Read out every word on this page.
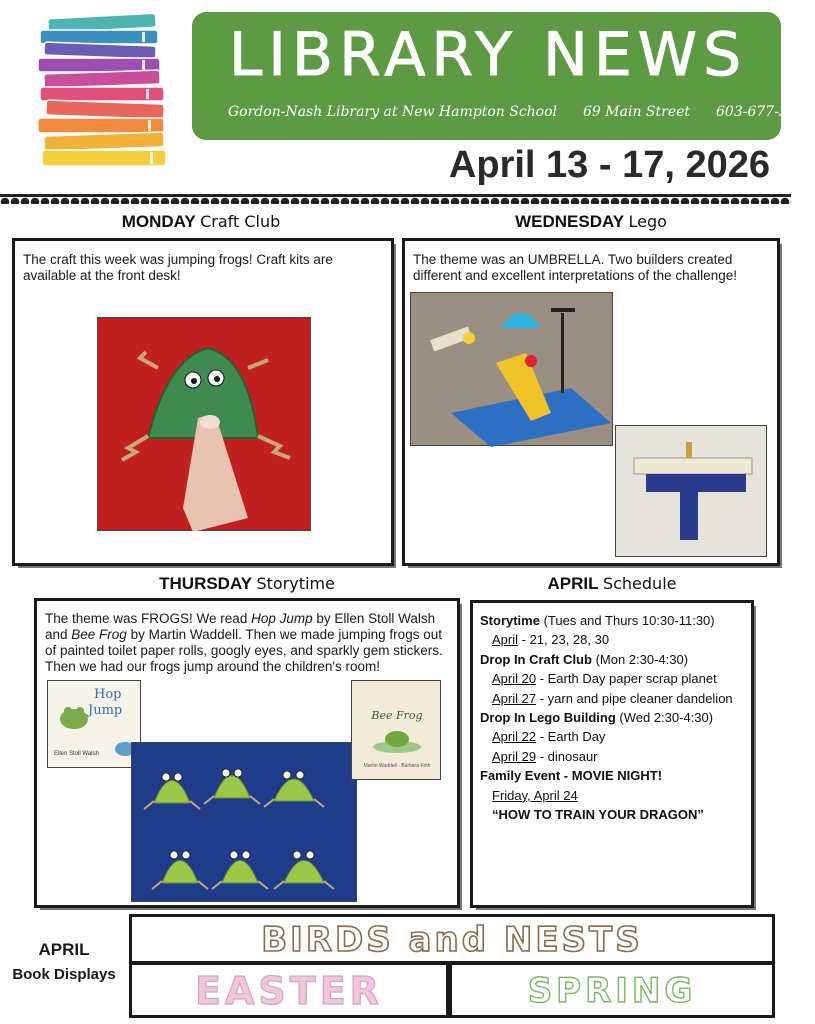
LIBRARY NEWS
Gordon-Nash Library at New Hampton School 69 Main Street 603-677-3740
April 13 - 17, 2026
MONDAY Craft Club	WEDNESDAY Lego
The craft this week was jumping frogs! Craft kits are available at the front desk!
The theme was an UMBRELLA. Two builders created different and excellent interpretations of the challenge!
THURSDAY Storytime	APRIL Schedule
The theme was FROGS! We read Hop Jump by Ellen Stoll Walsh and Bee Frog by Martin Waddell. Then we made jumping frogs out of painted toilet paper rolls, googly eyes, and sparkly gem stickers. Then we had our frogs jump around the children's room!
Hop
Jump
Ellen Stoll Walsh
Bee Frog
Martin Waddell · Barbara Firth
Storytime (Tues and Thurs 10:30-11:30)
April - 21, 23, 28, 30
Drop In Craft Club (Mon 2:30-4:30)
April 20 - Earth Day paper scrap planet
April 27 - yarn and pipe cleaner dandelion
Drop In Lego Building (Wed 2:30-4:30)
April 22 - Earth Day
April 29 - dinosaur
Family Event - MOVIE NIGHT!
Friday, April 24
“HOW TO TRAIN YOUR DRAGON”
APRIL
Book Displays
BIRDS and NESTS
EASTER	SPRING
